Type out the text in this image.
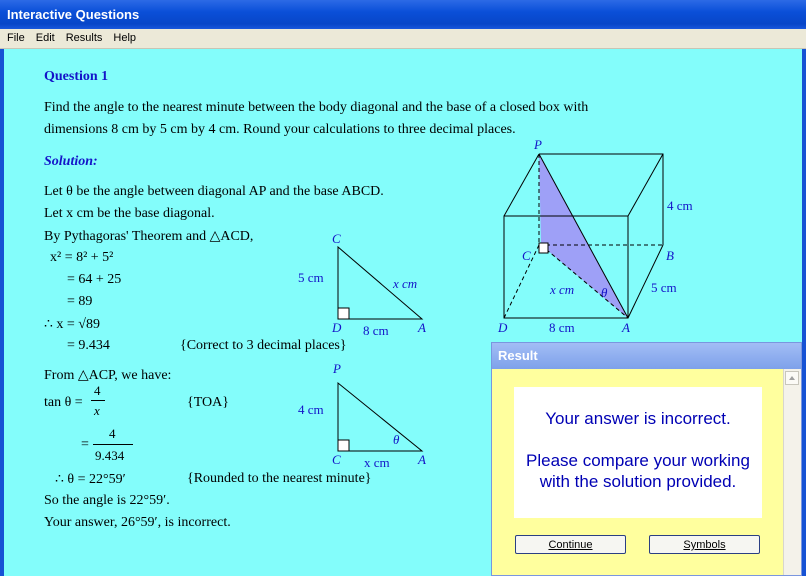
Interactive Questions
File Edit Results Help
Question 1
Find the angle to the nearest minute between the body diagonal and the base of a closed box with
dimensions 8 cm by 5 cm by 4 cm. Round your calculations to three decimal places.
Solution:
Let θ be the angle between diagonal AP and the base ABCD.
Let x cm be the base diagonal.
By Pythagoras' Theorem and △ACD,
x² = 8² + 5²
= 64 + 25
= 89
∴ x = √89
= 9.434	{Correct to 3 decimal places}
From △ACP, we have:
tan θ =
4
x
{TOA}
=
4
9.434
∴ θ = 22°59′	{Rounded to the nearest minute}
So the angle is 22°59′.
Your answer, 26°59′, is incorrect.
C
D	A
5 cm
8 cm
x cm
P
C	A
4 cm
x cm
θ
P
C	B
D	A
4 cm
5 cm
8 cm
x cm θ
Result
Your answer is incorrect.
Please compare your working
with the solution provided.
Continue	Symbols
